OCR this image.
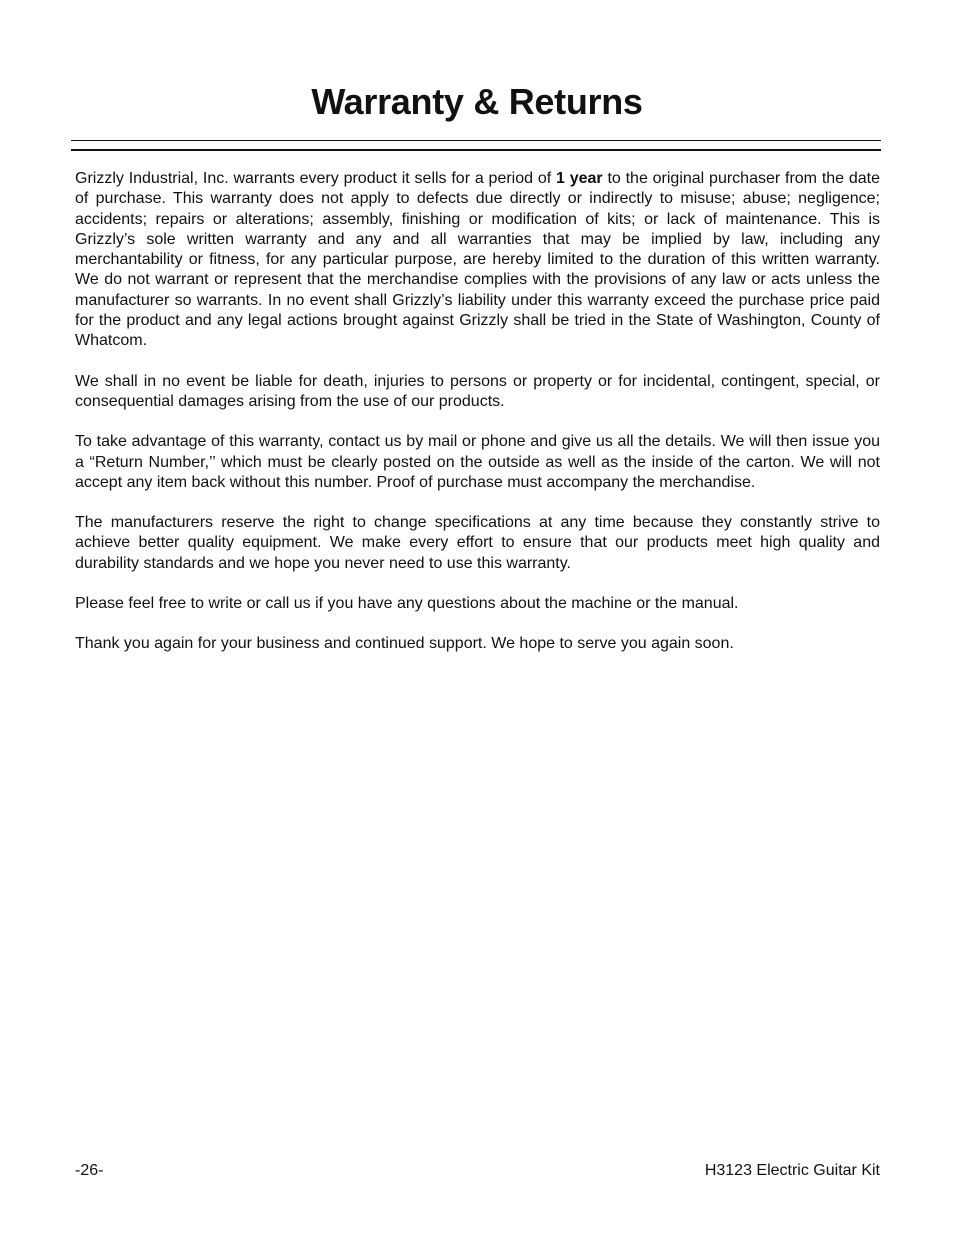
Warranty & Returns

Grizzly Industrial, Inc. warrants every product it sells for a period of 1 year to the original purchaser from the date of purchase. This warranty does not apply to defects due directly or indirectly to misuse; abuse; negligence; accidents; repairs or alterations; assembly, finishing or modification of kits; or lack of maintenance. This is Grizzly’s sole written warranty and any and all warranties that may be implied by law, including any merchantability or fitness, for any particular purpose, are hereby limited to the duration of this written warranty. We do not warrant or represent that the merchandise complies with the provisions of any law or acts unless the manufacturer so warrants. In no event shall Grizzly’s liability under this warranty exceed the purchase price paid for the product and any legal actions brought against Grizzly shall be tried in the State of Washington, County of Whatcom.

We shall in no event be liable for death, injuries to persons or property or for incidental, contingent, special, or consequential damages arising from the use of our products.

To take advantage of this warranty, contact us by mail or phone and give us all the details. We will then issue you a “Return Number,’’ which must be clearly posted on the outside as well as the inside of the carton. We will not accept any item back without this number. Proof of purchase must accompany the merchandise.

The manufacturers reserve the right to change specifications at any time because they constantly strive to achieve better quality equipment. We make every effort to ensure that our products meet high quality and durability standards and we hope you never need to use this warranty.

Please feel free to write or call us if you have any questions about the machine or the manual.

Thank you again for your business and continued support. We hope to serve you again soon.

-26-	H3123 Electric Guitar Kit
